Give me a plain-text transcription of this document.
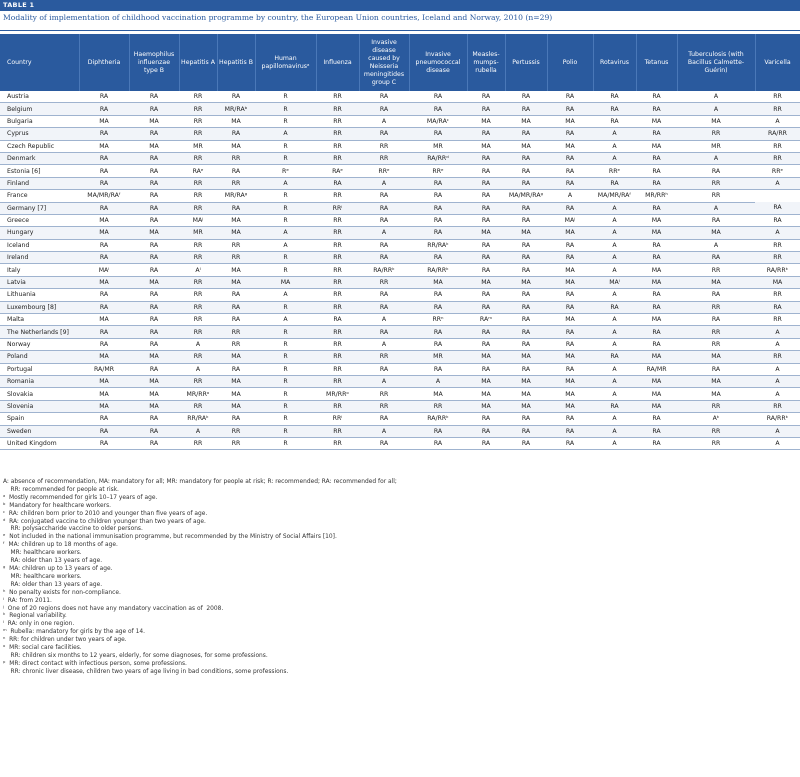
TABLE 1
Modality of implementation of childhood vaccination programme by country, the European Union countries, Iceland and Norway, 2010 (n=29)
Country	Diphtheria	Haemophilus influenzae type B	Hepatitis A	Hepatitis B	Human papillomavirusᵃ	Influenza	Invasive disease caused by Neisseria meningitides group C	Invasive pneumococcal disease	Measles-mumps-rubella	Pertussis	Polio	Rotavirus	Tetanus	Tuberculosis (with Bacillus Calmette-Guérin)	Varicella
Austria	RA	RA	RR	RA	R	RR	RA	RA	RA	RA	RA	RA	RA	A	RR
Belgium	RA	RA	RR	MR/RAᵇ	R	RR	RA	RA	RA	RA	RA	RA	RA	A	RR
Bulgaria	MA	MA	RR	MA	R	RR	A	MA/RAᶜ	MA	MA	MA	RA	MA	MA	A
Cyprus	RA	RA	RR	RA	A	RR	RA	RA	RA	RA	RA	A	RA	RR	RA/RR
Czech Republic	MA	MA	MR	MA	R	RR	RR	MR	MA	MA	MA	A	MA	MR	RR
Denmark	RA	RA	RR	RR	R	RR	RR	RA/RRᵈ	RA	RA	RA	A	RA	A	RR
Estonia [6]	RA	RA	RAᵉ	RA	Rᵉ	RAᵉ	RRᵉ	RRᵉ	RA	RA	RA	RRᵉ	RA	RA	RRᵉ
Finland	RA	RA	RR	RR	A	RA	A	RA	RA	RA	RA	RA	RA	RR	A
France	MA/MR/RAᶠ	RA	RR	MR/RAᵍ	R	RR	RA	RA	RA	MA/MR/RAᵍ	A	MA/MR/RAᶠ	MR/RRʰ	RR	
Germany [7]	RA	RA	RR	RA	R	RRⁱ	RA	RA	RA	RA	RA	A	RA	A	RA
Greece	MA	RA	MAʲ	MA	R	RR	RA	RA	RA	RA	MAʲ	A	MA	RA	RA
Hungary	MA	MA	MR	MA	A	RR	A	RA	MA	MA	MA	A	MA	MA	A
Iceland	RA	RA	RR	RR	A	RR	RA	RR/RAᵏ	RA	RA	RA	A	RA	A	RR
Ireland	RA	RA	RR	RR	R	RR	RA	RA	RA	RA	RA	A	RA	RA	RR
Italy	MAˡ	RA	Aˡ	MA	R	RR	RA/RRᵏ	RA/RRᵏ	RA	RA	MA	A	MA	RR	RA/RRᵏ
Latvia	MA	MA	RR	MA	MA	RR	RR	MA	MA	MA	MA	MAˡ	MA	MA	MA
Lithuania	RA	RA	RR	RA	A	RR	RA	RA	RA	RA	RA	A	RA	RA	RR
Luxembourg [8]	RA	RA	RR	RA	R	RR	RA	RA	RA	RA	RA	RA	RA	RR	RA
Malta	MA	RA	RR	RA	A	RA	A	RRⁿ	RAᵐ	RA	MA	A	MA	RA	RR
The Netherlands [9]	RA	RA	RR	RR	R	RR	RA	RA	RA	RA	RA	A	RA	RR	A
Norway	RA	RA	A	RR	R	RR	A	RA	RA	RA	RA	A	RA	RR	A
Poland	MA	MA	RR	MA	R	RR	RR	MR	MA	MA	MA	RA	MA	MA	RR
Portugal	RA/MR	RA	A	RA	R	RR	RA	RA	RA	RA	RA	A	RA/MR	RA	A
Romania	MA	MA	RR	MA	R	RR	A	A	MA	MA	MA	A	MA	MA	A
Slovakia	MA	MA	MR/RRᵒ	MA	R	MR/RRᵒ	RR	MA	MA	MA	MA	A	MA	MA	A
Slovenia	MA	MA	RR	MA	R	RR	RR	RR	MA	MA	MA	RA	MA	RR	RR
Spain	RA	RA	RR/RAᵏ	RA	R	RRⁱ	RA	RA/RRᵏ	RA	RA	RA	A	RA	Aᵏ	RA/RRᵏ
Sweden	RA	RA	A	RR	R	RR	A	RA	RA	RA	RA	A	RA	RR	A
United Kingdom	RA	RA	RR	RR	R	RR	RA	RA	RA	RA	RA	A	RA	RR	A
A: absence of recommendation, MA: mandatory for all; MR: mandatory for people at risk; R: recommended; RA: recommended for all;
RR: recommended for people at risk.
ᵃ  Mostly recommended for girls 10–17 years of age.
ᵇ  Mandatory for healthcare workers.
ᶜ  RA: children born prior to 2010 and younger than five years of age.
ᵈ  RA: conjugated vaccine to children younger than two years of age.
RR: polysaccharide vaccine to older persons.
ᵉ  Not included in the national immunisation programme, but recommended by the Ministry of Social Affairs [10].
ᶠ  MA: children up to 18 months of age.
MR: healthcare workers.
RA: older than 13 years of age.
ᵍ  MA: children up to 13 years of age.
MR: healthcare workers.
RA: older than 13 years of age.
ʰ  No penalty exists for non-compliance.
ⁱ  RA: from 2011.
ʲ  One of 20 regions does not have any mandatory vaccination as of  2008.
ᵏ  Regional variability.
ˡ  RA: only in one region.
ᵐ  Rubella: mandatory for girls by the age of 14.
ⁿ  RR: for children under two years of age.
ᵒ  MR: social care facilities.
RR: children six months to 12 years, elderly, for some diagnoses, for some professions.
ᵖ  MR: direct contact with infectious person, some professions.
RR: chronic liver disease, children two years of age living in bad conditions, some professions.
